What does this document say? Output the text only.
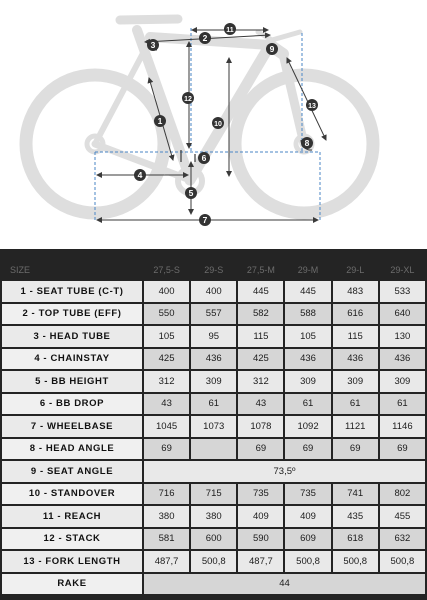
1
2
3
4
5
6
7
8
9
10
11
12
13
SIZE	27,5-S	29-S	27,5-M	29-M	29-L	29-XL
1 - SEAT TUBE (C-T)	400	400	445	445	483	533
2 - TOP TUBE (EFF)	550	557	582	588	616	640
3 - HEAD TUBE	105	95	115	105	115	130
4 - CHAINSTAY	425	436	425	436	436	436
5 - BB HEIGHT	312	309	312	309	309	309
6 - BB DROP	43	61	43	61	61	61
7 - WHEELBASE	1045	1073	1078	1092	1121	1146
8 - HEAD ANGLE	69		69	69	69	69
9 - SEAT ANGLE	73,5º					
10 - STANDOVER	716	715	735	735	741	802
11 - REACH	380	380	409	409	435	455
12 - STACK	581	600	590	609	618	632
13 - FORK LENGTH	487,7	500,8	487,7	500,8	500,8	500,8
RAKE	44					
